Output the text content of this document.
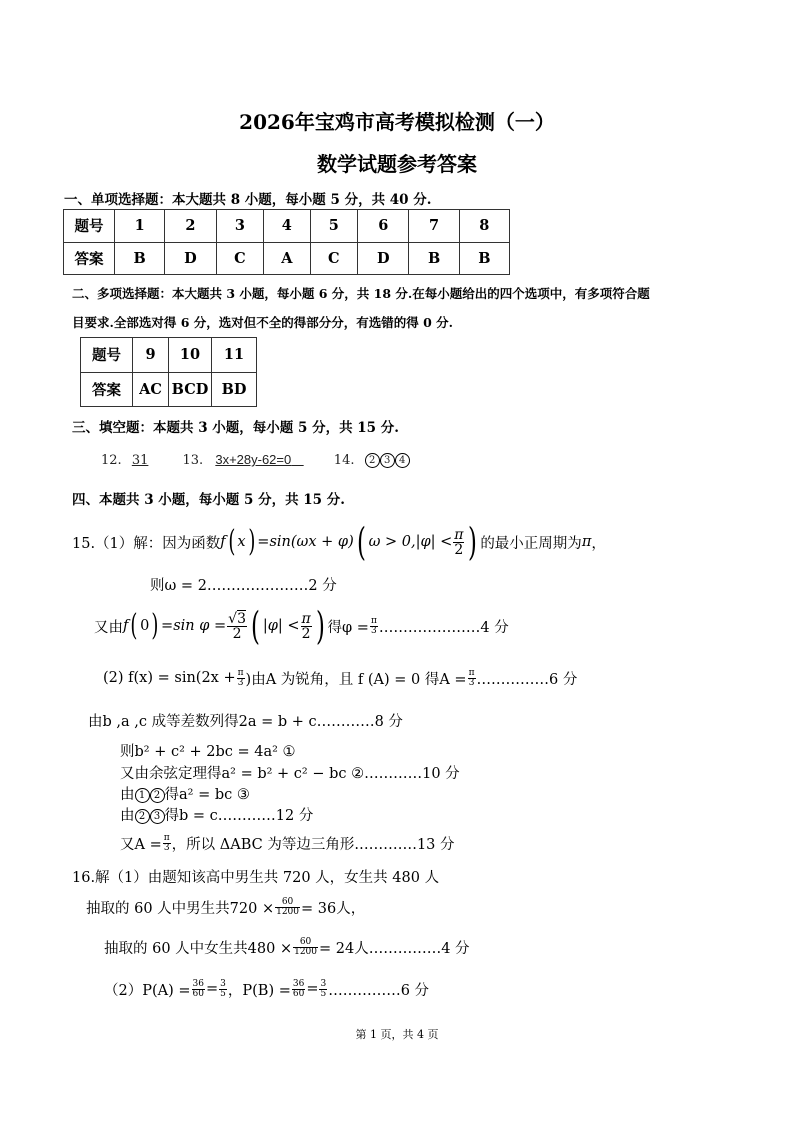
2026年宝鸡市高考模拟检测（一）
数学试题参考答案
一、单项选择题：本大题共 8 小题，每小题 5 分，共 40 分.
题号	1	2	3	4	5	6	7	8
答案	B	D	C	A	C	D	B	B
二、多项选择题：本大题共 3 小题，每小题 6 分，共 18 分.在每小题给出的四个选项中，有多项符合题
目要求.全部选对得 6 分，选对但不全的得部分分，有选错的得 0 分.
题号	9	10	11
答案	AC	BCD	BD
三、填空题：本题共 3 小题，每小题 5 分，共 15 分.
12. 31	13. 3x+28y-62=0	14. 2 3 4
四、本题共 3 小题，每小题 5 分，共 15 分.
15.（1）解：因为函数 f ( x ) =sin( ωx + φ ) ( ω > 0 $,|\varphi| < \frac{\pi}{2}$ ) 的最小正周期为 π ，
则ω = 2…………………2 分
又由 f ( 0 ) =sin $\varphi = \frac{√3}{2}$ ( $|\varphi| < \frac{\pi}{2}$ ) 得$\varphi = \frac{\pi}{3}$ …………………4 分
(2) $f(x) = \sin(2x + \frac{\pi}{3}$ )由A 为锐角，且 f (A) = 0 得$A = \frac{\pi}{3}$ ……………6 分
由b ,a ,c 成等差数列得2a = b + c…………8 分
则b² + c² + 2bc = 4a² ①
又由余弦定理得a² = b² + c² − bc ②…………10 分
由 1 2 得a² = bc ③
由 2 3 得b = c…………12 分
又$A = \frac{\pi}{3}$ ，所以 ΔABC 为等边三角形.…………13 分
16.解（1）由题知该高中男生共 720 人，女生共 480 人
抽取的 60 人中男生共$720 \times \frac{60}{1200} = 36$人，
抽取的 60 人中女生共$480 \times \frac{60}{1200} = 24$人……………4 分
$(2)P(A) = \frac{36}{60} = \frac{3}{5}$ ，$P(B) = \frac{36}{60} = \frac{3}{5}$ ……………6 分
第 1 页，共 4 页
